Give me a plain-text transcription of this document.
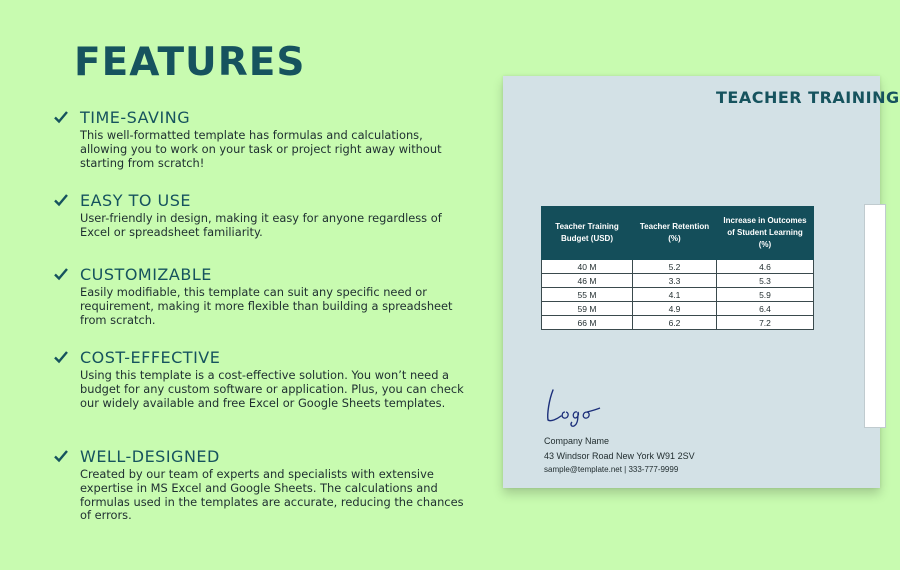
FEATURES
TIME-SAVING
This well-formatted template has formulas and calculations, allowing you to work on your task or project right away without starting from scratch!
EASY TO USE
User-friendly in design, making it easy for anyone regardless of Excel or spreadsheet familiarity.
CUSTOMIZABLE
Easily modifiable, this template can suit any specific need or requirement, making it more flexible than building a spreadsheet from scratch.
COST-EFFECTIVE
Using this template is a cost-effective solution. You won’t need a budget for any custom software or application. Plus, you can check our widely available and free Excel or Google Sheets templates.
WELL-DESIGNED
Created by our team of experts and specialists with extensive expertise in MS Excel and Google Sheets. The calculations and formulas used in the templates are accurate, reducing the chances of errors.
TEACHER TRAINING
Teacher Training Budget (USD)	Teacher Retention (%)	Increase in Outcomes of Student Learning (%)
40 M	5.2	4.6
46 M	3.3	5.3
55 M	4.1	5.9
59 M	4.9	6.4
66 M	6.2	7.2
Company Name
43 Windsor Road New York W91 2SV
sample@template.net | 333-777-9999
